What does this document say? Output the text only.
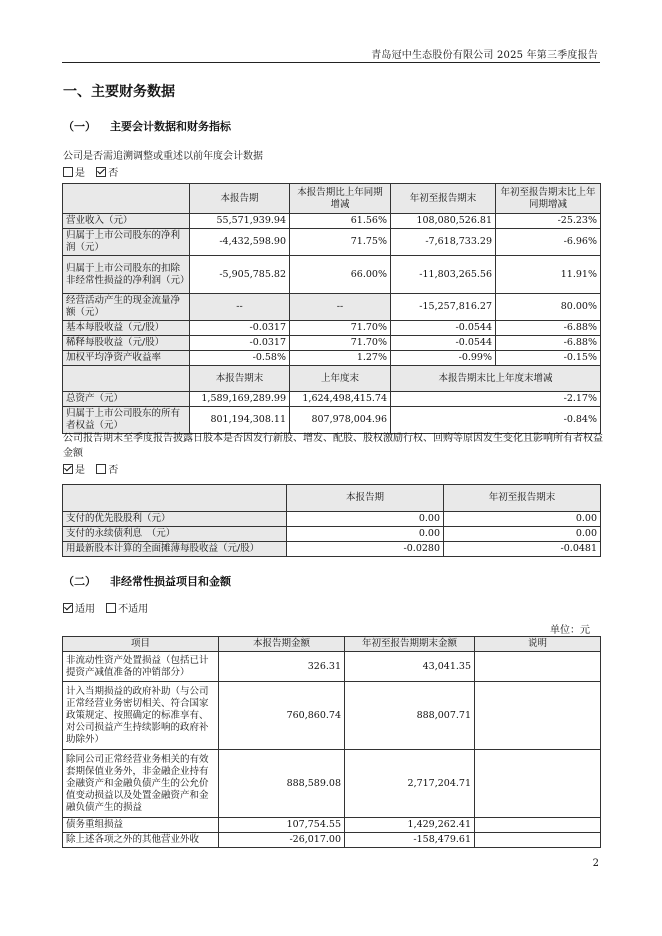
青岛冠中生态股份有限公司 2025 年第三季度报告
一、主要财务数据
（一） 主要会计数据和财务指标
公司是否需追溯调整或重述以前年度会计数据
是 否
	本报告期	本报告期比上年同期增减	年初至报告期末	年初至报告期末比上年同期增减
营业收入（元）	55,571,939.94	61.56%	108,080,526.81	-25.23%
归属于上市公司股东的净利润（元）	-4,432,598.90	71.75%	-7,618,733.29	-6.96%
归属于上市公司股东的扣除非经常性损益的净利润（元）	-5,905,785.82	66.00%	-11,803,265.56	11.91%
经营活动产生的现金流量净额（元）	--	--	-15,257,816.27	80.00%
基本每股收益（元/股）	-0.0317	71.70%	-0.0544	-6.88%
稀释每股收益（元/股）	-0.0317	71.70%	-0.0544	-6.88%
加权平均净资产收益率	-0.58%	1.27%	-0.99%	-0.15%
	本报告期末	上年度末	本报告期末比上年度末增减	
总资产（元）	1,589,169,289.99	1,624,498,415.74	-2.17%	
归属于上市公司股东的所有者权益（元）	801,194,308.11	807,978,004.96	-0.84%	
公司报告期末至季度报告披露日股本是否因发行新股、增发、配股、股权激励行权、回购等原因发生变化且影响所有者权益金额
是 否
	本报告期	年初至报告期末
支付的优先股股利（元）	0.00	0.00
支付的永续债利息　（元）	0.00	0.00
用最新股本计算的全面摊薄每股收益（元/股）	-0.0280	-0.0481
（二） 非经常性损益项目和金额
适用 不适用
单位：元
项目	本报告期金额	年初至报告期期末金额	说明
非流动性资产处置损益（包括已计提资产减值准备的冲销部分）	326.31	43,041.35	
计入当期损益的政府补助（与公司正常经营业务密切相关、符合国家政策规定、按照确定的标准享有、对公司损益产生持续影响的政府补助除外）	760,860.74	888,007.71	
除同公司正常经营业务相关的有效套期保值业务外，非金融企业持有金融资产和金融负债产生的公允价值变动损益以及处置金融资产和金融负债产生的损益	888,589.08	2,717,204.71	
债务重组损益	107,754.55	1,429,262.41	
除上述各项之外的其他营业外收	-26,017.00	-158,479.61	
2
